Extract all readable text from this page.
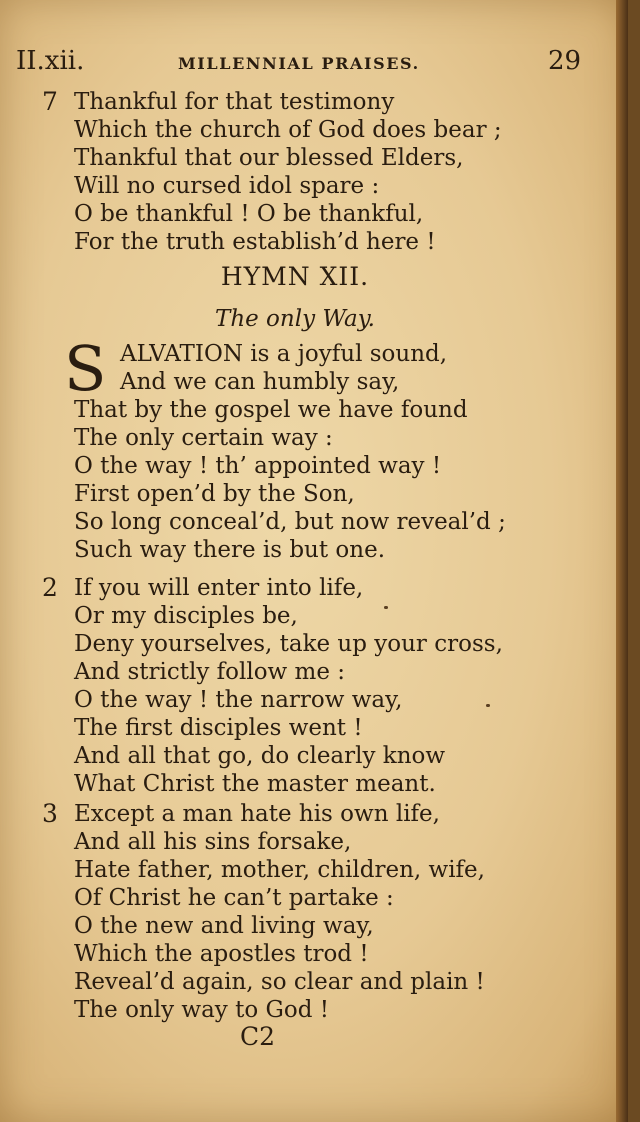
II.xii.	MILLENNIAL PRAISES.	29
7 Thankful for that testimony
Which the church of God does bear ;
Thankful that our blessed Elders,
Will no cursed idol spare :
O be thankful ! O be thankful,
For the truth establish’d here !
HYMN XII.
The only Way.
S ALVATION is a joyful sound,
And we can humbly say,
That by the gospel we have found
The only certain way :
O the way ! th’ appointed way !
First open’d by the Son,
So long conceal’d, but now reveal’d ;
Such way there is but one.
2 If you will enter into life,
Or my disciples be,
Deny yourselves, take up your cross,
And strictly follow me :
O the way ! the narrow way,
The first disciples went !
And all that go, do clearly know
What Christ the master meant.
3 Except a man hate his own life,
And all his sins forsake,
Hate father, mother, children, wife,
Of Christ he can’t partake :
O the new and living way,
Which the apostles trod !
Reveal’d again, so clear and plain !
The only way to God !
C2
